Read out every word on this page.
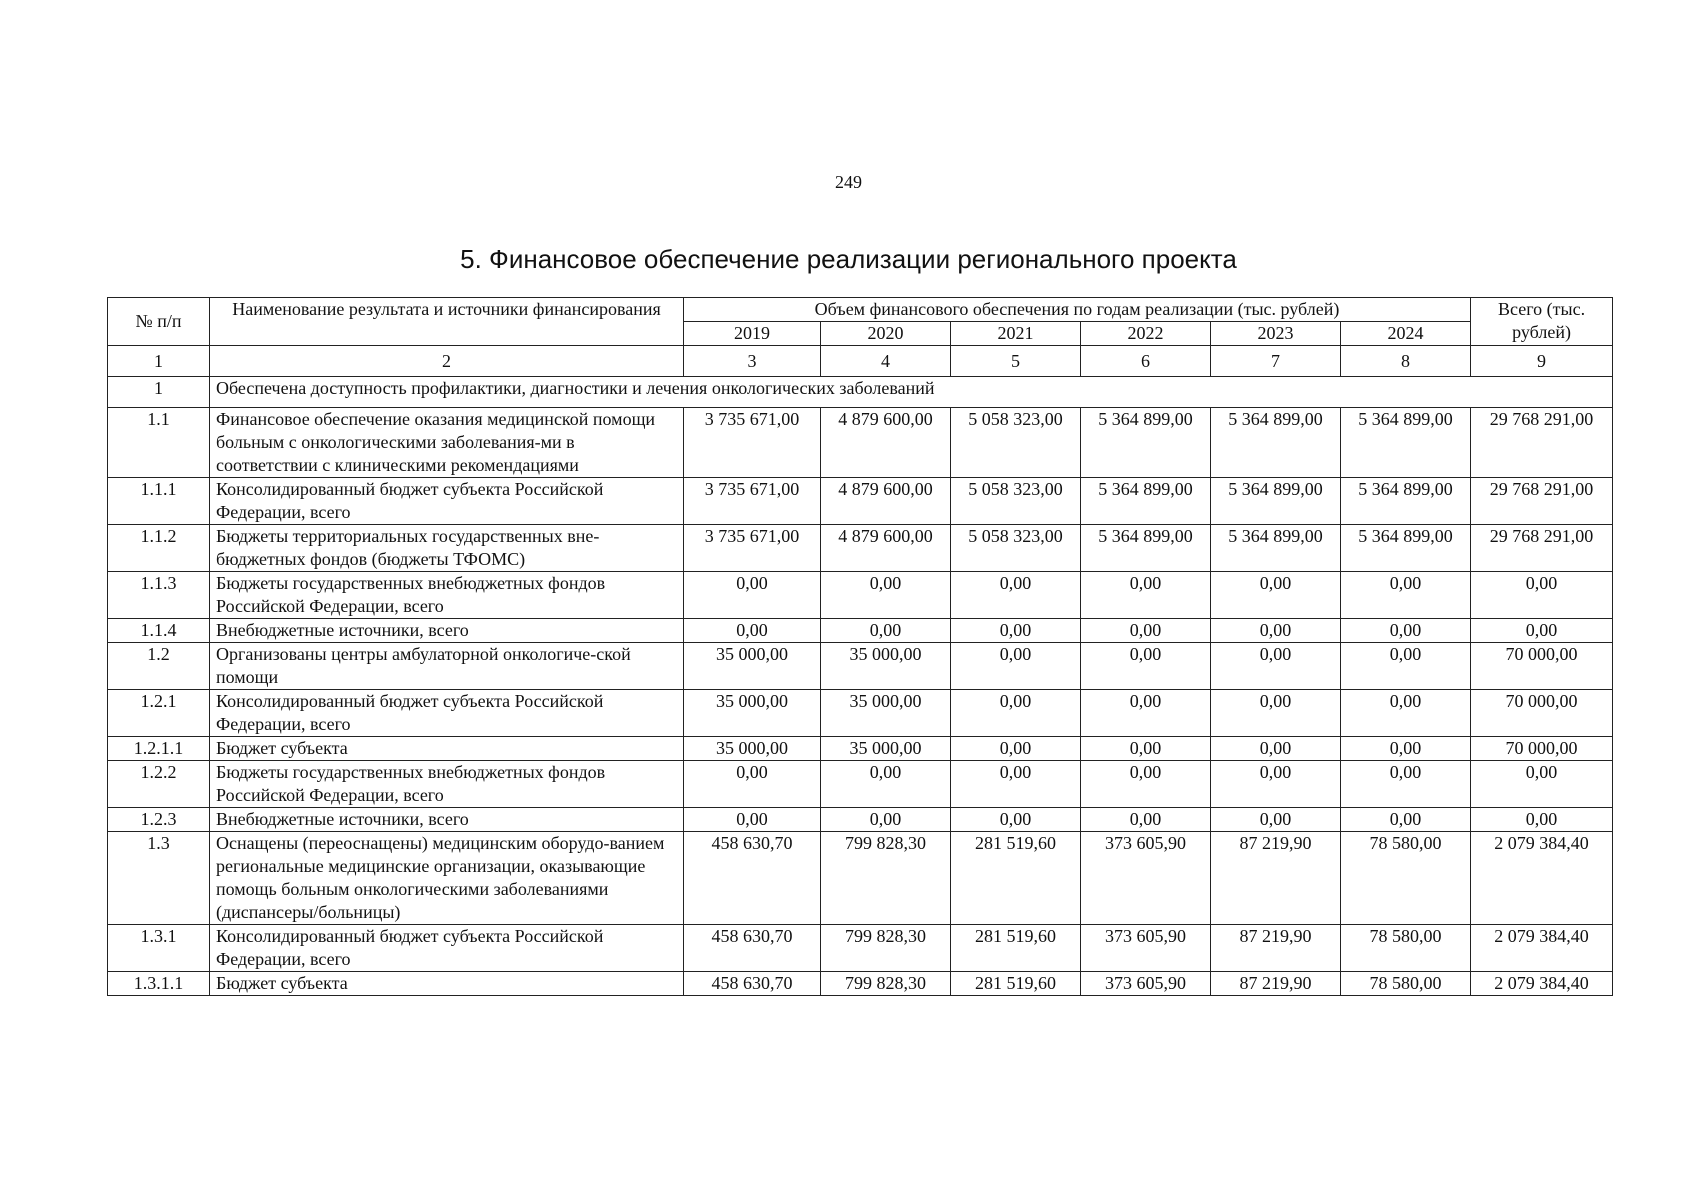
249
5. Финансовое обеспечение реализации регионального проекта
№ п/п	Наименование результата и источники финансирования	Объем финансового обеспечения по годам реализации (тыс. рублей)						Всего (тыс. рублей)
		2019	2020	2021	2022	2023	2024	
1	2	3	4	5	6	7	8	9
1	Обеспечена доступность профилактики, диагностики и лечения онкологических заболеваний							
1.1	Финансовое обеспечение оказания медицинской помощи больным с онкологическими заболевания-ми в соответствии с клиническими рекомендациями	3 735 671,00	4 879 600,00	5 058 323,00	5 364 899,00	5 364 899,00	5 364 899,00	29 768 291,00
1.1.1	Консолидированный бюджет субъекта Российской Федерации, всего	3 735 671,00	4 879 600,00	5 058 323,00	5 364 899,00	5 364 899,00	5 364 899,00	29 768 291,00
1.1.2	Бюджеты территориальных государственных вне-бюджетных фондов (бюджеты ТФОМС)	3 735 671,00	4 879 600,00	5 058 323,00	5 364 899,00	5 364 899,00	5 364 899,00	29 768 291,00
1.1.3	Бюджеты государственных внебюджетных фондов Российской Федерации, всего	0,00	0,00	0,00	0,00	0,00	0,00	0,00
1.1.4	Внебюджетные источники, всего	0,00	0,00	0,00	0,00	0,00	0,00	0,00
1.2	Организованы центры амбулаторной онкологиче-ской помощи	35 000,00	35 000,00	0,00	0,00	0,00	0,00	70 000,00
1.2.1	Консолидированный бюджет субъекта Российской Федерации, всего	35 000,00	35 000,00	0,00	0,00	0,00	0,00	70 000,00
1.2.1.1	Бюджет субъекта	35 000,00	35 000,00	0,00	0,00	0,00	0,00	70 000,00
1.2.2	Бюджеты государственных внебюджетных фондов Российской Федерации, всего	0,00	0,00	0,00	0,00	0,00	0,00	0,00
1.2.3	Внебюджетные источники, всего	0,00	0,00	0,00	0,00	0,00	0,00	0,00
1.3	Оснащены (переоснащены) медицинским оборудо-ванием региональные медицинские организации, оказывающие помощь больным онкологическими заболеваниями (диспансеры/больницы)	458 630,70	799 828,30	281 519,60	373 605,90	87 219,90	78 580,00	2 079 384,40
1.3.1	Консолидированный бюджет субъекта Российской Федерации, всего	458 630,70	799 828,30	281 519,60	373 605,90	87 219,90	78 580,00	2 079 384,40
1.3.1.1	Бюджет субъекта	458 630,70	799 828,30	281 519,60	373 605,90	87 219,90	78 580,00	2 079 384,40
